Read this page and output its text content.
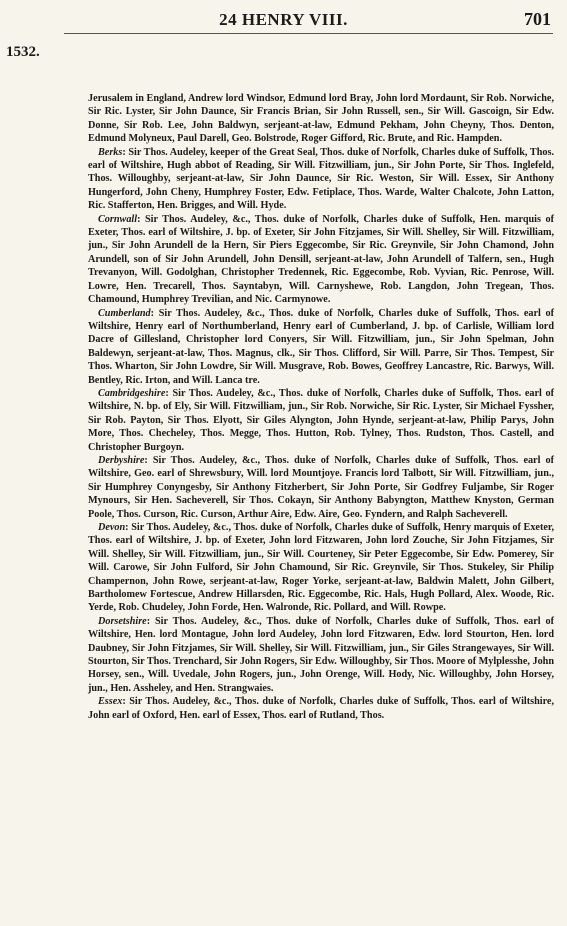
24 HENRY VIII.	701
1532.

Jerusalem in England, Andrew lord Windsor, Edmund lord Bray, John lord Mordaunt, Sir Rob. Norwiche, Sir Ric. Lyster, Sir John Daunce, Sir Francis Brian, Sir John Russell, sen., Sir Will. Gascoign, Sir Edw. Donne, Sir Rob. Lee, John Baldwyn, serjeant-at-law, Edmund Pekham, John Cheyny, Thos. Denton, Edmund Molyneux, Paul Darell, Geo. Bolstrode, Roger Gifford, Ric. Brute, and Ric. Hampden.

Berks: Sir Thos. Audeley, keeper of the Great Seal, Thos. duke of Norfolk, Charles duke of Suffolk, Thos. earl of Wiltshire, Hugh abbot of Reading, Sir Will. Fitzwilliam, jun., Sir John Porte, Sir Thos. Inglefeld, Thos. Willoughby, serjeant-at-law, Sir John Daunce, Sir Ric. Weston, Sir Will. Essex, Sir Anthony Hungerford, John Cheny, Humphrey Foster, Edw. Fetiplace, Thos. Warde, Walter Chalcote, John Latton, Ric. Stafferton, Hen. Brigges, and Will. Hyde.

Cornwall: Sir Thos. Audeley, &c., Thos. duke of Norfolk, Charles duke of Suffolk, Hen. marquis of Exeter, Thos. earl of Wiltshire, J. bp. of Exeter, Sir John Fitzjames, Sir Will. Shelley, Sir Will. Fitzwilliam, jun., Sir John Arundell de la Hern, Sir Piers Eggecombe, Sir Ric. Greynvile, Sir John Chamond, John Arundell, son of Sir John Arundell, John Densill, serjeant-at-law, John Arundell of Talfern, sen., Hugh Trevanyon, Will. Godolghan, Christopher Tredennek, Ric. Eggecombe, Rob. Vyvian, Ric. Penrose, Will. Lowre, Hen. Trecarell, Thos. Sayntabyn, Will. Carnyshewe, Rob. Langdon, John Tregean, Thos. Chamound, Humphrey Trevilian, and Nic. Carmynowe.

Cumberland: Sir Thos. Audeley, &c., Thos. duke of Norfolk, Charles duke of Suffolk, Thos. earl of Wiltshire, Henry earl of Northumberland, Henry earl of Cumberland, J. bp. of Carlisle, William lord Dacre of Gillesland, Christopher lord Conyers, Sir Will. Fitzwilliam, jun., Sir John Spelman, John Baldewyn, serjeant-at-law, Thos. Magnus, clk., Sir Thos. Clifford, Sir Will. Parre, Sir Thos. Tempest, Sir Thos. Wharton, Sir John Lowdre, Sir Will. Musgrave, Rob. Bowes, Geoffrey Lancastre, Ric. Barwys, Will. Bentley, Ric. Irton, and Will. Lanca tre.

Cambridgeshire: Sir Thos. Audeley, &c., Thos. duke of Norfolk, Charles duke of Suffolk, Thos. earl of Wiltshire, N. bp. of Ely, Sir Will. Fitzwilliam, jun., Sir Rob. Norwiche, Sir Ric. Lyster, Sir Michael Fyssher, Sir Rob. Payton, Sir Thos. Elyott, Sir Giles Alyngton, John Hynde, serjeant-at-law, Philip Parys, John More, Thos. Checheley, Thos. Megge, Thos. Hutton, Rob. Tylney, Thos. Rudston, Thos. Castell, and Christopher Burgoyn.

Derbyshire: Sir Thos. Audeley, &c., Thos. duke of Norfolk, Charles duke of Suffolk, Thos. earl of Wiltshire, Geo. earl of Shrewsbury, Will. lord Mountjoye. Francis lord Talbott, Sir Will. Fitzwilliam, jun., Sir Humphrey Conyngesby, Sir Anthony Fitzherbert, Sir John Porte, Sir Godfrey Fuljambe, Sir Roger Mynours, Sir Hen. Sacheverell, Sir Thos. Cokayn, Sir Anthony Babyngton, Matthew Knyston, German Poole, Thos. Curson, Ric. Curson, Arthur Aire, Edw. Aire, Geo. Fyndern, and Ralph Sacheverell.

Devon: Sir Thos. Audeley, &c., Thos. duke of Norfolk, Charles duke of Suffolk, Henry marquis of Exeter, Thos. earl of Wiltshire, J. bp. of Exeter, John lord Fitzwaren, John lord Zouche, Sir John Fitzjames, Sir Will. Shelley, Sir Will. Fitzwilliam, jun., Sir Will. Courteney, Sir Peter Eggecombe, Sir Edw. Pomerey, Sir Will. Carowe, Sir John Fulford, Sir John Chamound, Sir Ric. Greynvile, Sir Thos. Stukeley, Sir Philip Champernon, John Rowe, serjeant-at-law, Roger Yorke, serjeant-at-law, Baldwin Malett, John Gilbert, Bartholomew Fortescue, Andrew Hillarsden, Ric. Eggecombe, Ric. Hals, Hugh Pollard, Alex. Woode, Ric. Yerde, Rob. Chudeley, John Forde, Hen. Walronde, Ric. Pollard, and Will. Rowpe.

Dorsetshire: Sir Thos. Audeley, &c., Thos. duke of Norfolk, Charles duke of Suffolk, Thos. earl of Wiltshire, Hen. lord Montague, John lord Audeley, John lord Fitzwaren, Edw. lord Stourton, Hen. lord Daubney, Sir John Fitzjames, Sir Will. Shelley, Sir Will. Fitzwilliam, jun., Sir Giles Strangewayes, Sir Will. Stourton, Sir Thos. Trenchard, Sir John Rogers, Sir Edw. Willoughby, Sir Thos. Moore of Mylplesshe, John Horsey, sen., Will. Uvedale, John Rogers, jun., John Orenge, Will. Hody, Nic. Willoughby, John Horsey, jun., Hen. Assheley, and Hen. Strangwaies.

Essex: Sir Thos. Audeley, &c., Thos. duke of Norfolk, Charles duke of Suffolk, Thos. earl of Wiltshire, John earl of Oxford, Hen. earl of Essex, Thos. earl of Rutland, Thos.
